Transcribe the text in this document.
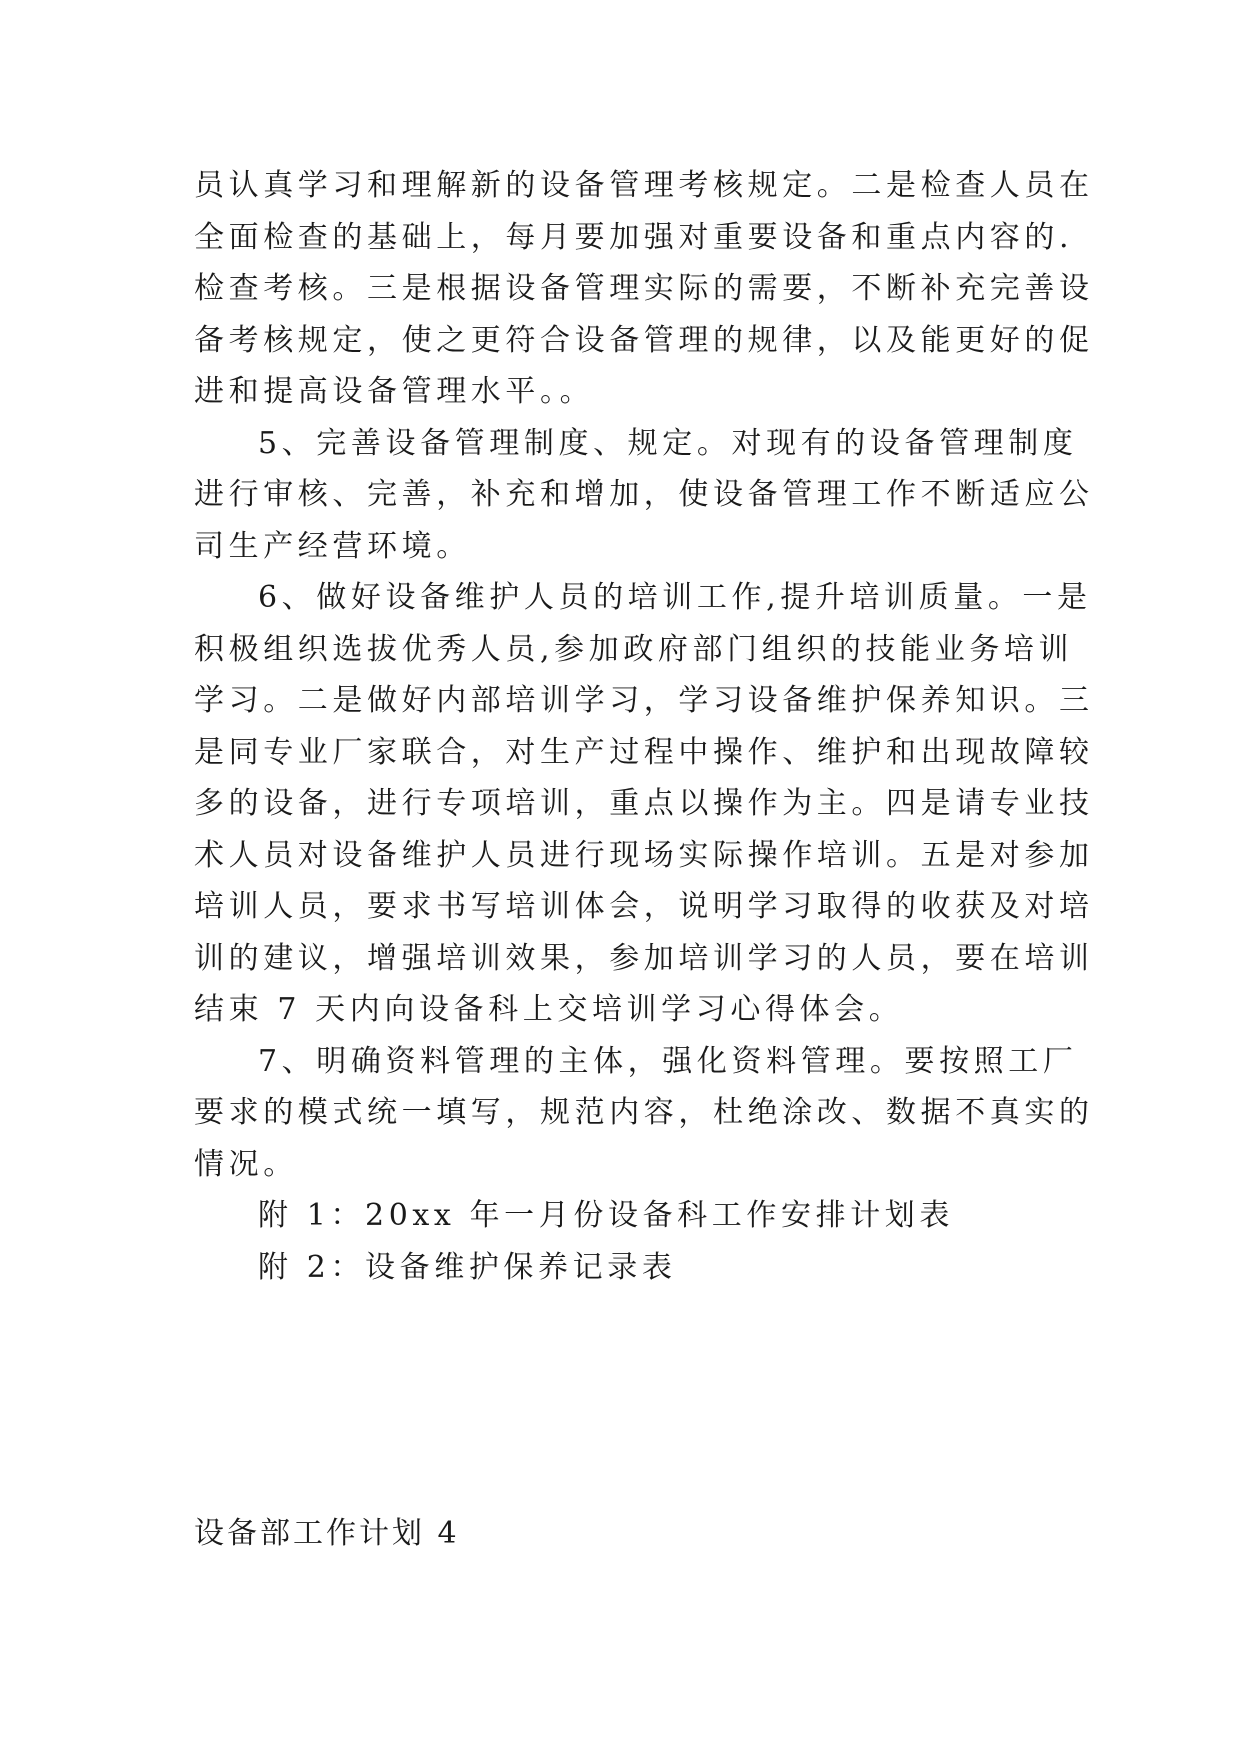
员认真学习和理解新的设备管理考核规定。二是检查人员在
全面检查的基础上，每月要加强对重要设备和重点内容的.
检查考核。三是根据设备管理实际的需要，不断补充完善设
备考核规定，使之更符合设备管理的规律，以及能更好的促
进和提高设备管理水平。。
5、完善设备管理制度、规定。对现有的设备管理制度
进行审核、完善，补充和增加，使设备管理工作不断适应公
司生产经营环境。
6、做好设备维护人员的培训工作,提升培训质量。一是
积极组织选拔优秀人员,参加政府部门组织的技能业务培训
学习。二是做好内部培训学习，学习设备维护保养知识。三
是同专业厂家联合，对生产过程中操作、维护和出现故障较
多的设备，进行专项培训，重点以操作为主。四是请专业技
术人员对设备维护人员进行现场实际操作培训。五是对参加
培训人员，要求书写培训体会，说明学习取得的收获及对培
训的建议，增强培训效果，参加培训学习的人员，要在培训
结束 7 天内向设备科上交培训学习心得体会。
7、明确资料管理的主体，强化资料管理。要按照工厂
要求的模式统一填写，规范内容，杜绝涂改、数据不真实的
情况。
附 1：20xx 年一月份设备科工作安排计划表
附 2：设备维护保养记录表
设备部工作计划 4
